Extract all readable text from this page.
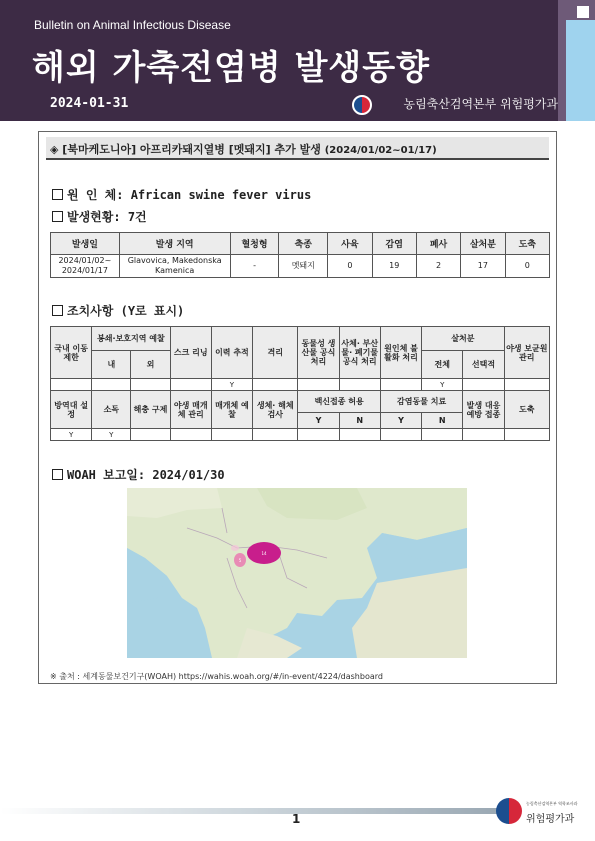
Bulletin on Animal Infectious Disease
해외 가축전염병 발생동향
2024-01-31	농림축산검역본부 위험평가과
◈ [북마케도니아] 아프리카돼지열병 [멧돼지] 추가 발생 (2024/01/02~01/17)
원 인 체: African swine fever virus
발생현황: 7건
발생일	발생 지역	혈청형	축종	사육	감염	폐사	살처분	도축
2024/01/02~ 2024/01/17	Glavovica, Makedonska Kamenica	-	멧돼지	0	19	2	17	0
조치사항 (Y로 표시)
국내 이동 제한	봉쇄·보호지역 예찰		스크 리닝	이력 추적	격리	동물성 생산물 공식 처리	사체· 부산물· 폐기물 공식 처리	원인체 불활화 처리	살처분		야생 보균원 관리
	내	외							전체	선택적	
				Y					Y		
방역대 설정	소독	해충 구제	야생 매개체 관리	매개체 예찰	생체· 해체 검사	백신접종 허용		감염동물 치료		발생 대응 예방 접종	도축
						Y	N	Y	N		
Y	Y										
WOAH 보고일: 2024/01/30
14
5
※ 출처 : 세계동물보건기구(WOAH) https://wahis.woah.org/#/in-event/4224/dashboard
1
농림축산검역본부 역학조사과
위험평가과
